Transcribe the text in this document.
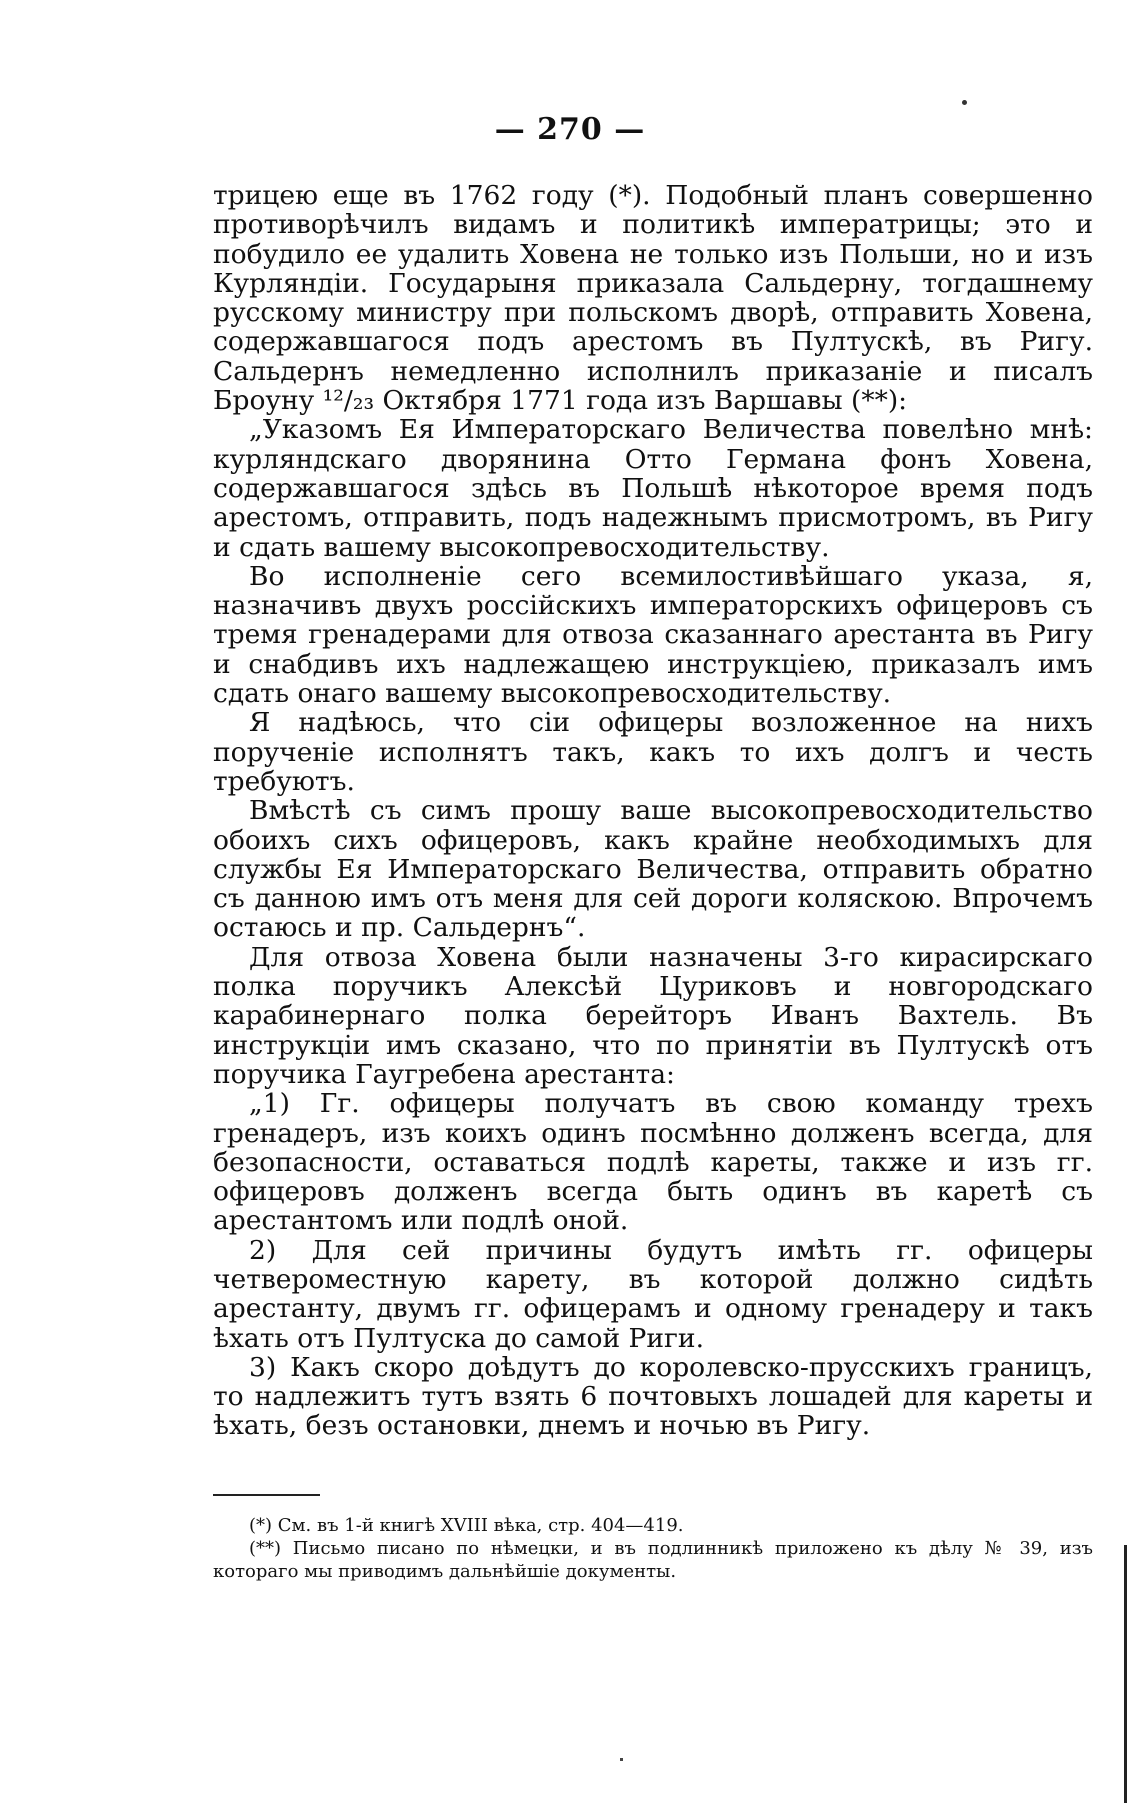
— 270 —

трицею еще въ 1762 году (*). Подобный планъ совершенно противорѣчилъ видамъ и политикѣ императрицы; это и побудило ее удалить Ховена не только изъ Польши, но и изъ Курляндіи. Государыня приказала Сальдерну, тогдашнему русскому министру при польскомъ дворѣ, отправить Ховена, содержавшагося подъ арестомъ въ Пултускѣ, въ Ригу. Сальдернъ немедленно исполнилъ приказаніе и писалъ Броуну ¹²/₂₃ Октября 1771 года изъ Варшавы (**):

„Указомъ Ея Императорскаго Величества повелѣно мнѣ: курляндскаго дворянина Отто Германа фонъ Ховена, содержавшагося здѣсь въ Польшѣ нѣкоторое время подъ арестомъ, отправить, подъ надежнымъ присмотромъ, въ Ригу и сдать вашему высокопревосходительству.

Во исполненіе сего всемилостивѣйшаго указа, я, назначивъ двухъ россійскихъ императорскихъ офицеровъ съ тремя гренадерами для отвоза сказаннаго арестанта въ Ригу и снабдивъ ихъ надлежащею инструкціею, приказалъ имъ сдать онаго вашему высокопревосходительству.

Я надѣюсь, что сіи офицеры возложенное на нихъ порученіе исполнятъ такъ, какъ то ихъ долгъ и честь требуютъ.

Вмѣстѣ съ симъ прошу ваше высокопревосходительство обоихъ сихъ офицеровъ, какъ крайне необходимыхъ для службы Ея Императорскаго Величества, отправить обратно съ данною имъ отъ меня для сей дороги коляскою. Впрочемъ остаюсь и пр. Сальдернъ“.

Для отвоза Ховена были назначены 3-го кирасирскаго полка поручикъ Алексѣй Цуриковъ и новгородскаго карабинернаго полка берейторъ Иванъ Вахтель. Въ инструкціи имъ сказано, что по принятіи въ Пултускѣ отъ поручика Гаугребена арестанта:

„1) Гг. офицеры получатъ въ свою команду трехъ гренадеръ, изъ коихъ одинъ посмѣнно долженъ всегда, для безопасности, оставаться подлѣ кареты, также и изъ гг. офицеровъ долженъ всегда быть одинъ въ каретѣ съ арестантомъ или подлѣ оной.

2) Для сей причины будутъ имѣть гг. офицеры четвероместную карету, въ которой должно сидѣть арестанту, двумъ гг. офицерамъ и одному гренадеру и такъ ѣхать отъ Пултуска до самой Риги.

3) Какъ скоро доѣдутъ до королевско-прусскихъ границъ, то надлежитъ тутъ взять 6 почтовыхъ лошадей для кареты и ѣхать, безъ остановки, днемъ и ночью въ Ригу.

(*) См. въ 1-й книгѣ XVIII вѣка, стр. 404—419.

(**) Письмо писано по нѣмецки, и въ подлинникѣ приложено къ дѣлу № 39, изъ котораго мы приводимъ дальнѣйшіе документы.
